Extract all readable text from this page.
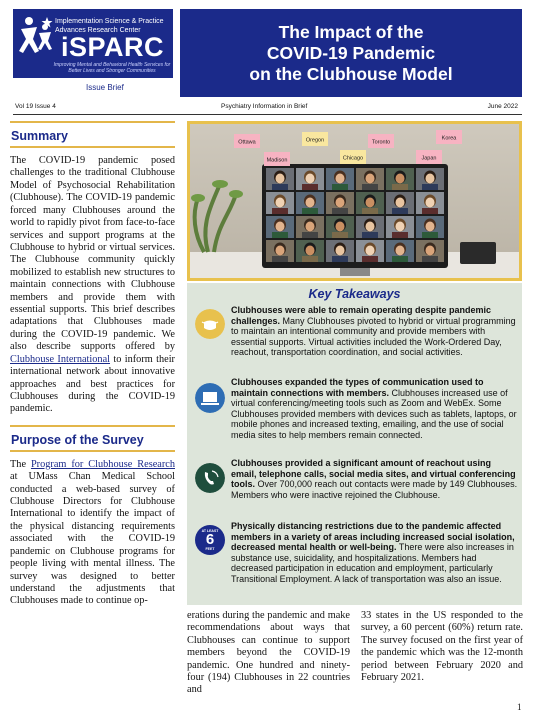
Implementation Science & Practice Advances Research Center
iSPARC
Improving Mental and Behavioral Health Services for Better Lives and Stronger Communities
Issue Brief
The Impact of the
COVID-19 Pandemic
on the Clubhouse Model
Vol 19 Issue 4	Psychiatry Information in Brief	June 2022
Summary

The COVID-19 pandemic posed challenges to the traditional Clubhouse Model of Psychosocial Rehabilitation (Clubhouse). The COVID-19 pandemic forced many Clubhouses around the world to rapidly pivot from face-to-face services and support programs at the Clubhouse to hybrid or virtual services. The Clubhouse community quickly mobilized to establish new structures to maintain connections with Clubhouse members and provide them with essential supports. This brief describes adaptations that Clubhouses made during the COVID-19 pandemic. We also describe supports offered by Clubhouse International to inform their international network about innovative approaches and best practices for Clubhouses during the COVID-19 pandemic.

Purpose of the Survey

The Program for Clubhouse Research at UMass Chan Medical School conducted a web-based survey of Clubhouse Directors for Clubhouse International to identify the impact of the physical distancing requirements associated with the COVID-19 pandemic on Clubhouse programs for people living with mental illness. The survey was designed to better understand the adjustments that Clubhouses made to continue op-

Ottawa	Oregon	Toronto
Korea
Madison	Chicago	Japan
Key Takeaways
Clubhouses were able to remain operating despite pandemic challenges. Many Clubhouses pivoted to hybrid or virtual programming to maintain an intentional community and provide members with essential supports. Virtual activities included the Work-Ordered Day, reachout, transportation coordination, and social activities.
Clubhouses expanded the types of communication used to maintain connections with members. Clubhouses increased use of virtual conferencing/meeting tools such as Zoom and WebEx. Some Clubhouses provided members with devices such as tablets, laptops, or mobile phones and increased texting, emailing, and the use of social media sites to help members remain connected.
Clubhouses provided a significant amount of reachout using email, telephone calls, social media sites, and virtual conferencing tools. Over 700,000 reach out contacts were made by 149 Clubhouses. Members who were inactive rejoined the Clubhouse.
AT LEAST
6
FEET
Physically distancing restrictions due to the pandemic affected members in a variety of areas including increased social isolation, decreased mental health or well-being. There were also increases in substance use, suicidality, and hospitalizations. Members had decreased participation in education and employment, particularly Transitional Employment. A lack of transportation was also an issue.
erations during the pandemic and make recommendations about ways that Clubhouses can continue to support members beyond the COVID-19 pandemic. One hundred and ninety-four (194) Clubhouses in 22 countries and
33 states in the US responded to the survey, a 60 percent (60%) return rate. The survey focused on the first year of the pandemic which was the 12-month period between February 2020 and February 2021.
1
